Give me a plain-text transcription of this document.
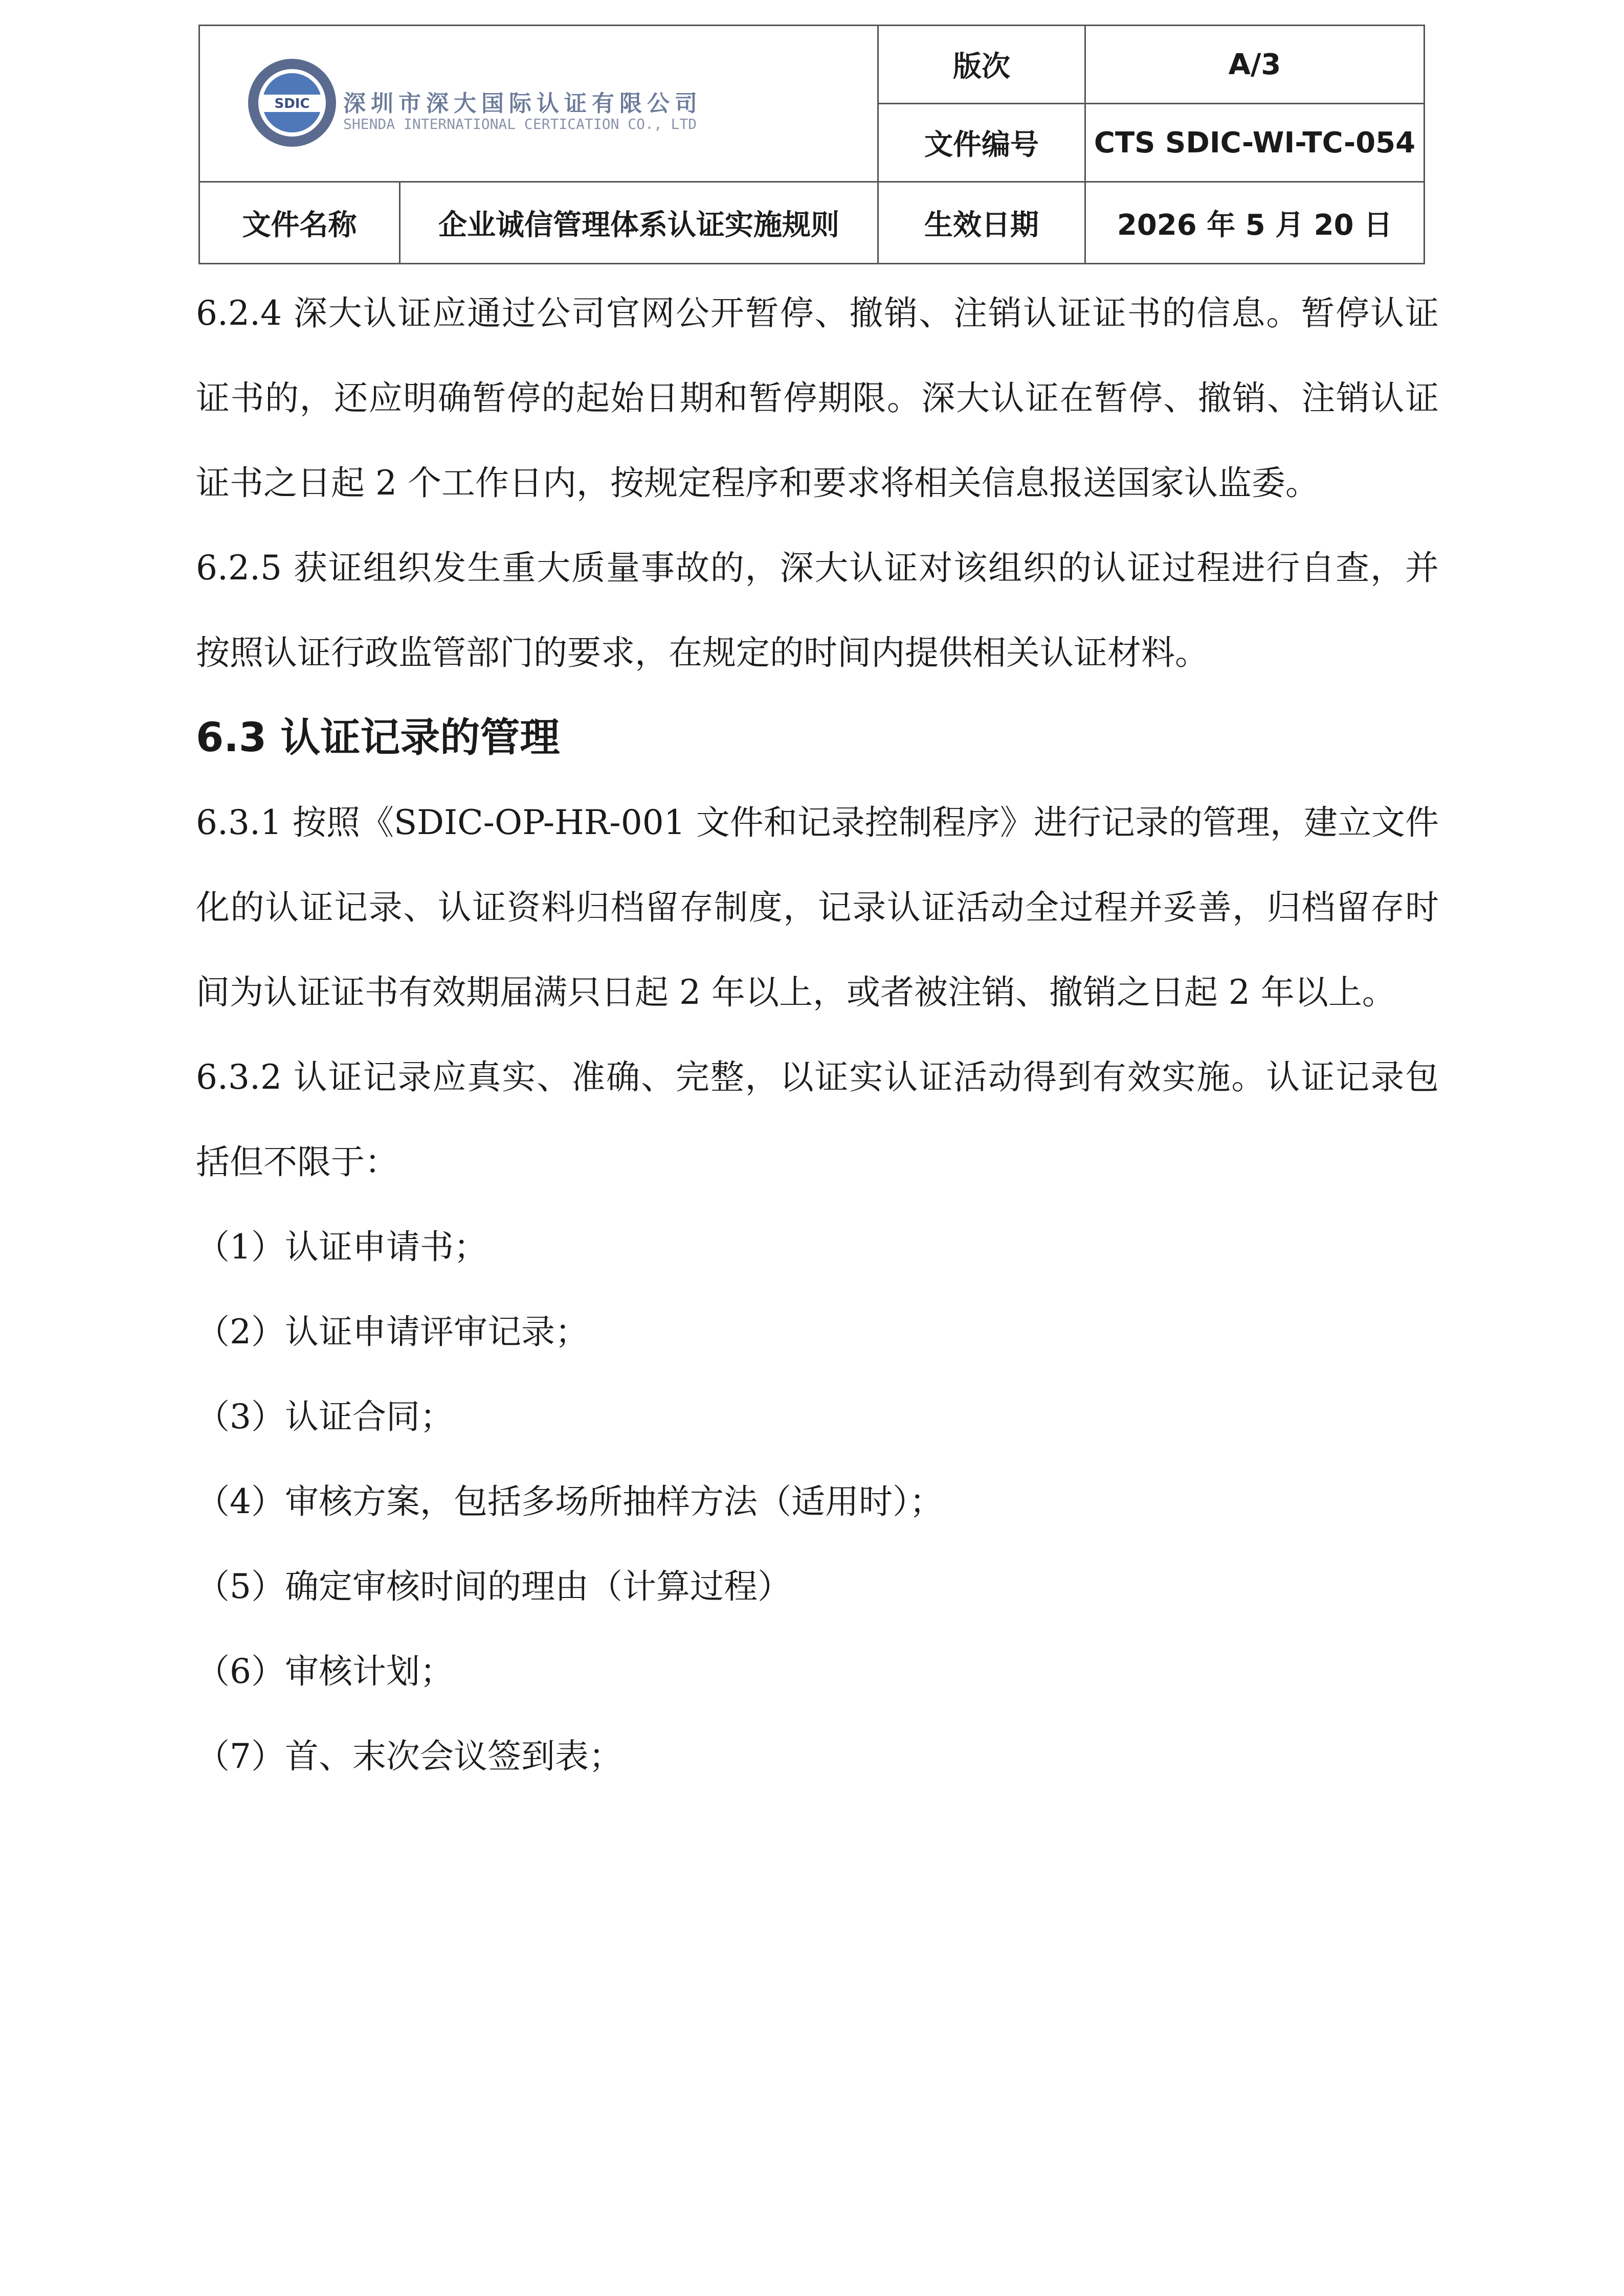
SDIC 深圳市深大国际认证有限公司
SHENDA INTERNATIONAL CERTICATION CO., LTD		版次	A/3
		文件编号	CTS SDIC-WI-TC-054
文件名称	企业诚信管理体系认证实施规则	生效日期	2026 年 5 月 20 日

6.2.4 深大认证应通过公司官网公开暂停、撤销、注销认证证书的信息。暂停认证证书的，还应明确暂停的起始日期和暂停期限。深大认证在暂停、撤销、注销认证证书之日起 2 个工作日内，按规定程序和要求将相关信息报送国家认监委。

6.2.5 获证组织发生重大质量事故的，深大认证对该组织的认证过程进行自查，并按照认证行政监管部门的要求，在规定的时间内提供相关认证材料。

6.3 认证记录的管理

6.3.1 按照《SDIC-OP-HR-001 文件和记录控制程序》进行记录的管理，建立文件化的认证记录、认证资料归档留存制度，记录认证活动全过程并妥善，归档留存时间为认证证书有效期届满只日起 2 年以上，或者被注销、撤销之日起 2 年以上。

6.3.2 认证记录应真实、准确、完整，以证实认证活动得到有效实施。认证记录包括但不限于：

（1）认证申请书；

（2）认证申请评审记录；

（3）认证合同；

（4）审核方案，包括多场所抽样方法（适用时）；

（5）确定审核时间的理由（计算过程）

（6）审核计划；

（7）首、末次会议签到表；
